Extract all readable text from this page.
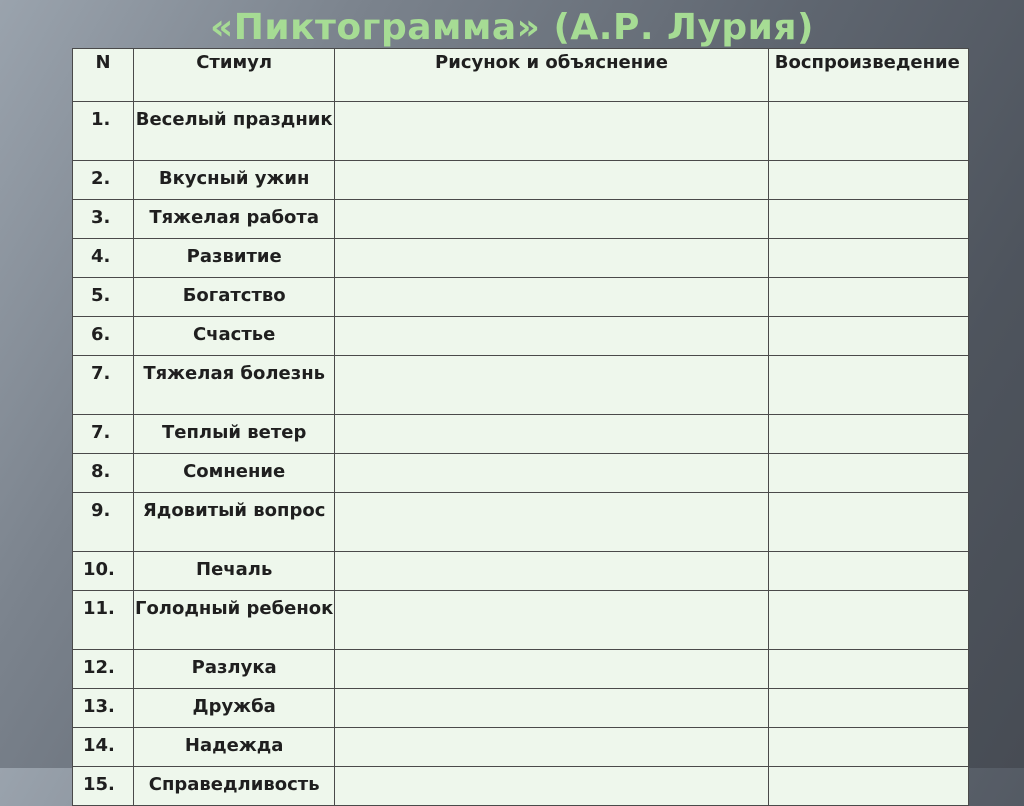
«Пиктограмма» (А.Р. Лурия)
N	Стимул	Рисунок и объяснение	Воспроизведение
1.	Веселый праздник		
2.	Вкусный ужин		
3.	Тяжелая работа		
4.	Развитие		
5.	Богатство		
6.	Счастье		
7.	Тяжелая болезнь		
7.	Теплый ветер		
8.	Сомнение		
9.	Ядовитый вопрос		
10.	Печаль		
11.	Голодный ребенок		
12.	Разлука		
13.	Дружба		
14.	Надежда		
15.	Справедливость		
